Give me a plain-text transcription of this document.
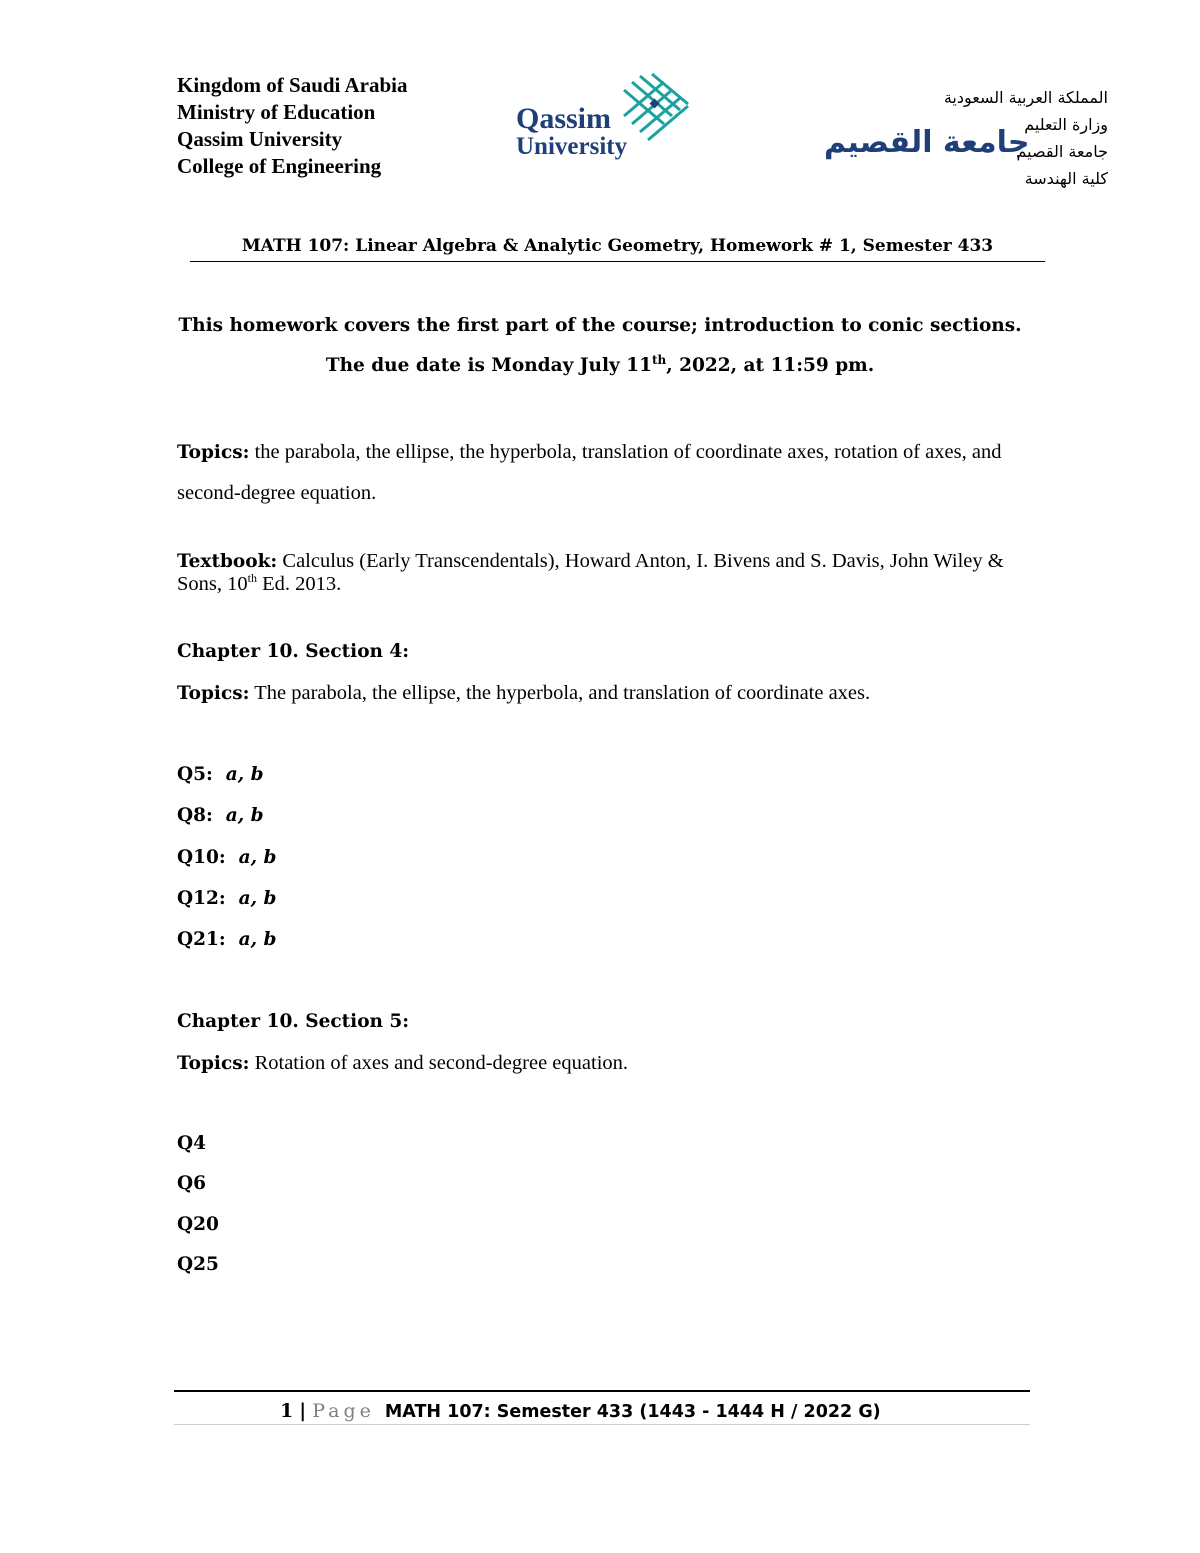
Kingdom of Saudi Arabia
Ministry of Education
Qassim University
College of Engineering
Qassim
University	جامعة القصيم
المملكة العربية السعودية
وزارة التعليم
جامعة القصيم
كلية الهندسة
MATH 107: Linear Algebra & Analytic Geometry, Homework # 1, Semester 433
This homework covers the first part of the course; introduction to conic sections.
The due date is Monday July 11th, 2022, at 11:59 pm.
Topics: the parabola, the ellipse, the hyperbola, translation of coordinate axes, rotation of axes, and second-degree equation.
Textbook: Calculus (Early Transcendentals), Howard Anton, I. Bivens and S. Davis, John Wiley & Sons, 10th Ed. 2013.
Chapter 10. Section 4:
Topics: The parabola, the ellipse, the hyperbola, and translation of coordinate axes.
Q5: a, b
Q8: a, b
Q10: a, b
Q12: a, b
Q21: a, b
Chapter 10. Section 5:
Topics: Rotation of axes and second-degree equation.
Q4
Q6
Q20
Q25
1 | Page MATH 107: Semester 433 (1443 - 1444 H / 2022 G)
